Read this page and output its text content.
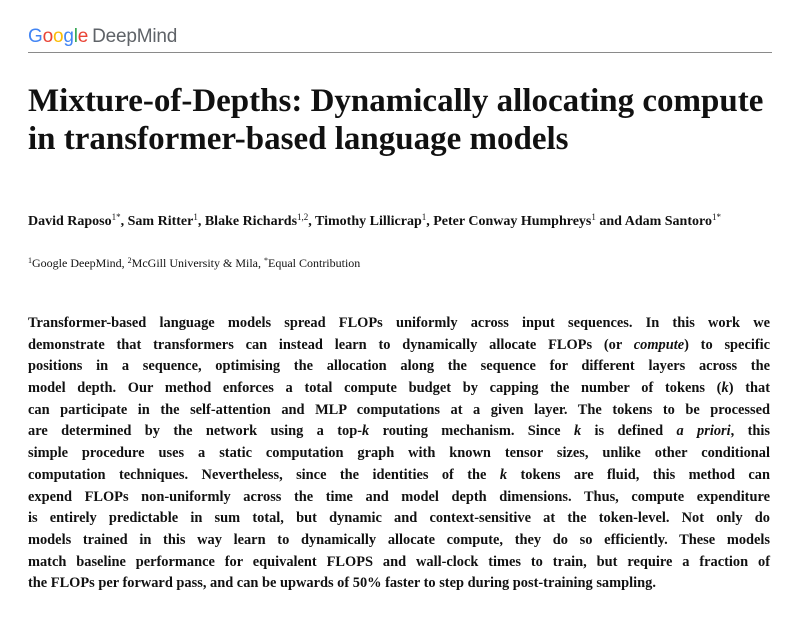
Google DeepMind
Mixture-of-Depths: Dynamically allocating compute in transformer-based language models
David Raposo$^{1*}$, Sam Ritter$^1$, Blake Richards$^{1,2}$, Timothy Lillicrap$^1$, Peter Conway Humphreys$^1$ and Adam Santoro$^{1*}$
$^1$Google DeepMind, $^2$McGill University & Mila, *Equal Contribution
Transformer-based language models spread FLOPs uniformly across input sequences. In this work we
demonstrate that transformers can instead learn to dynamically allocate FLOPs (or compute) to specific
positions in a sequence, optimising the allocation along the sequence for different layers across the
model depth. Our method enforces a total compute budget by capping the number of tokens (k) that
can participate in the self-attention and MLP computations at a given layer. The tokens to be processed
are determined by the network using a top-k routing mechanism. Since k is defined a priori, this
simple procedure uses a static computation graph with known tensor sizes, unlike other conditional
computation techniques. Nevertheless, since the identities of the k tokens are fluid, this method can
expend FLOPs non-uniformly across the time and model depth dimensions. Thus, compute expenditure
is entirely predictable in sum total, but dynamic and context-sensitive at the token-level. Not only do
models trained in this way learn to dynamically allocate compute, they do so efficiently. These models
match baseline performance for equivalent FLOPS and wall-clock times to train, but require a fraction of
the FLOPs per forward pass, and can be upwards of 50% faster to step during post-training sampling.
